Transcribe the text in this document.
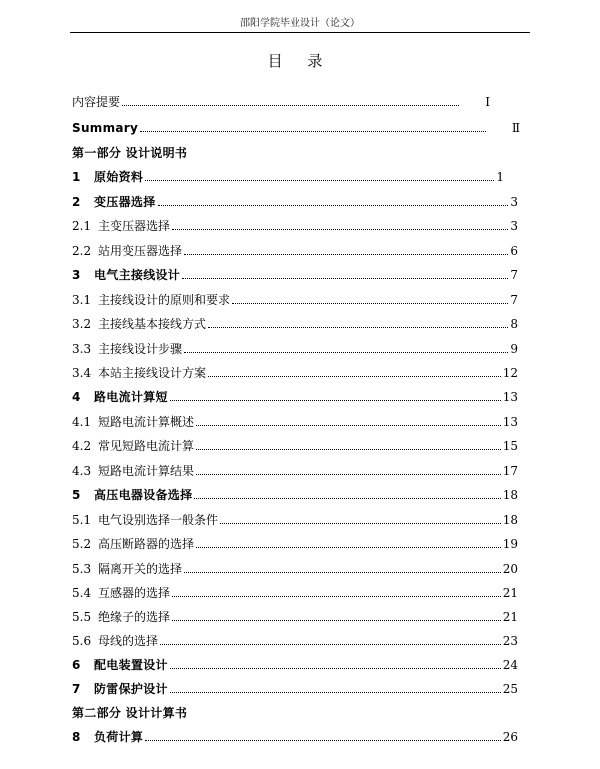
邵阳学院毕业设计（论文）
目 录
内容提要	Ⅰ
Summary	Ⅱ
第一部分 设计说明书
1 原始资料	1
2 变压器选择	3
2.1 主变压器选择	3
2.2 站用变压器选择	6
3 电气主接线设计	7
3.1 主接线设计的原则和要求	7
3.2 主接线基本接线方式	8
3.3 主接线设计步骤	9
3.4 本站主接线设计方案	12
4 路电流计算短	13
4.1 短路电流计算概述	13
4.2 常见短路电流计算	15
4.3 短路电流计算结果	17
5 高压电器设备选择	18
5.1 电气设别选择一般条件	18
5.2 高压断路器的选择	19
5.3 隔离开关的选择	20
5.4 互感器的选择	21
5.5 绝缘子的选择	21
5.6 母线的选择	23
6 配电装置设计	24
7 防雷保护设计	25
第二部分 设计计算书
8 负荷计算	26
